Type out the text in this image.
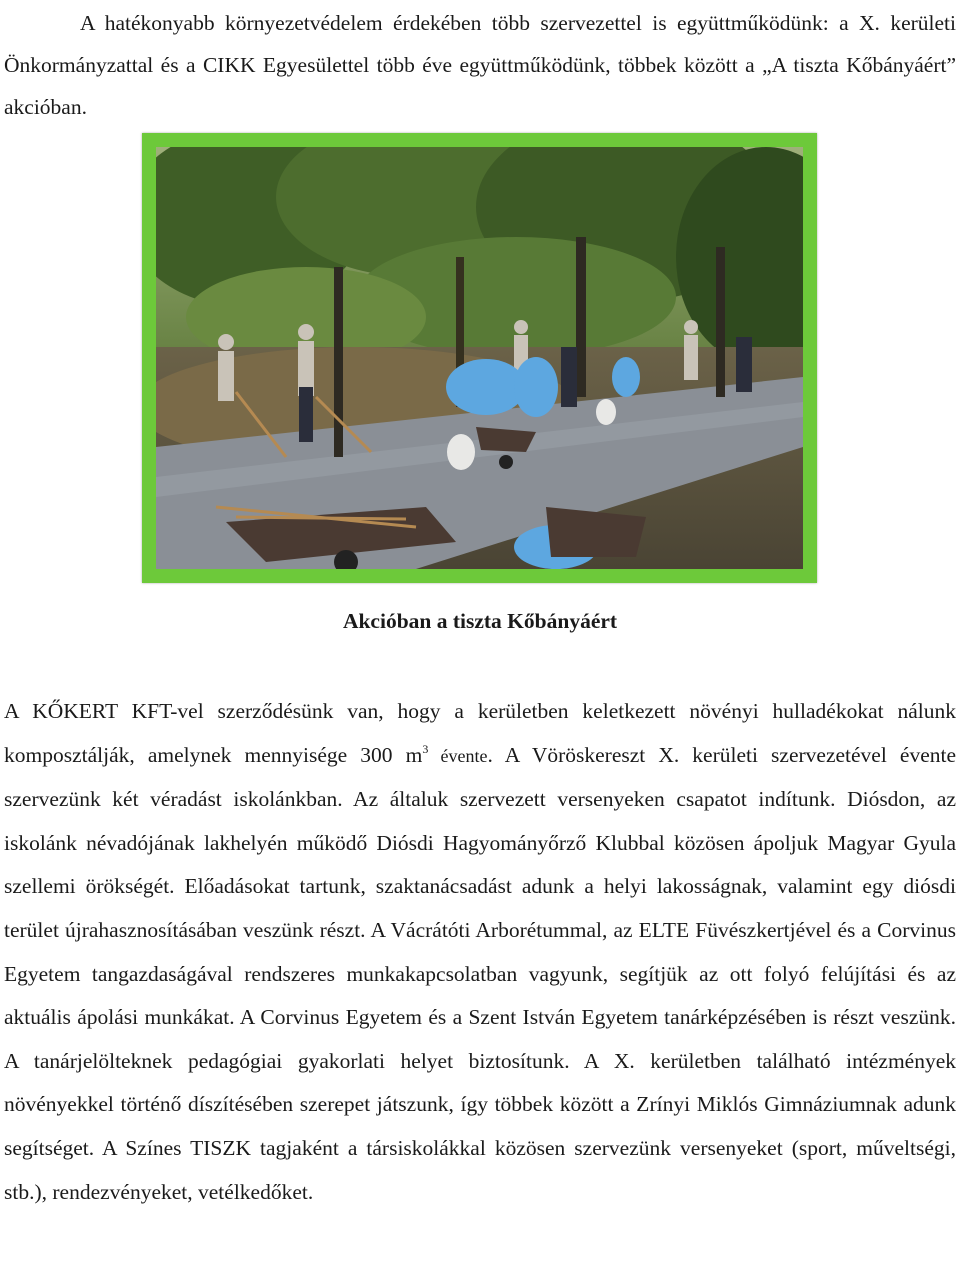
A hatékonyabb környezetvédelem érdekében több szervezettel is együttműködünk: a X. kerületi Önkormányzattal és a CIKK Egyesülettel több éve együttműködünk, többek között a „A tiszta Kőbányáért” akcióban.

Akcióban a tiszta Kőbányáért

A KŐKERT KFT-vel szerződésünk van, hogy a kerületben keletkezett növényi hulladékokat nálunk komposztálják, amelynek mennyisége 300 $m^3$ évente. A Vöröskereszt X. kerületi szervezetével évente szervezünk két véradást iskolánkban. Az általuk szervezett versenyeken csapatot indítunk. Diósdon, az iskolánk névadójának lakhelyén működő Diósdi Hagyományőrző Klubbal közösen ápoljuk Magyar Gyula szellemi örökségét. Előadásokat tartunk, szaktanácsadást adunk a helyi lakosságnak, valamint egy diósdi terület újrahasznosításában veszünk részt. A Vácrátóti Arborétummal, az ELTE Füvészkertjével és a Corvinus Egyetem tangazdaságával rendszeres munkakapcsolatban vagyunk, segítjük az ott folyó felújítási és az aktuális ápolási munkákat. A Corvinus Egyetem és a Szent István Egyetem tanárképzésében is részt veszünk. A tanárjelölteknek pedagógiai gyakorlati helyet biztosítunk. A X. kerületben található intézmények növényekkel történő díszítésében szerepet játszunk, így többek között a Zrínyi Miklós Gimnáziumnak adunk segítséget. A Színes TISZK tagjaként a társiskolákkal közösen szervezünk versenyeket (sport, műveltségi, stb.), rendezvényeket, vetélkedőket.
